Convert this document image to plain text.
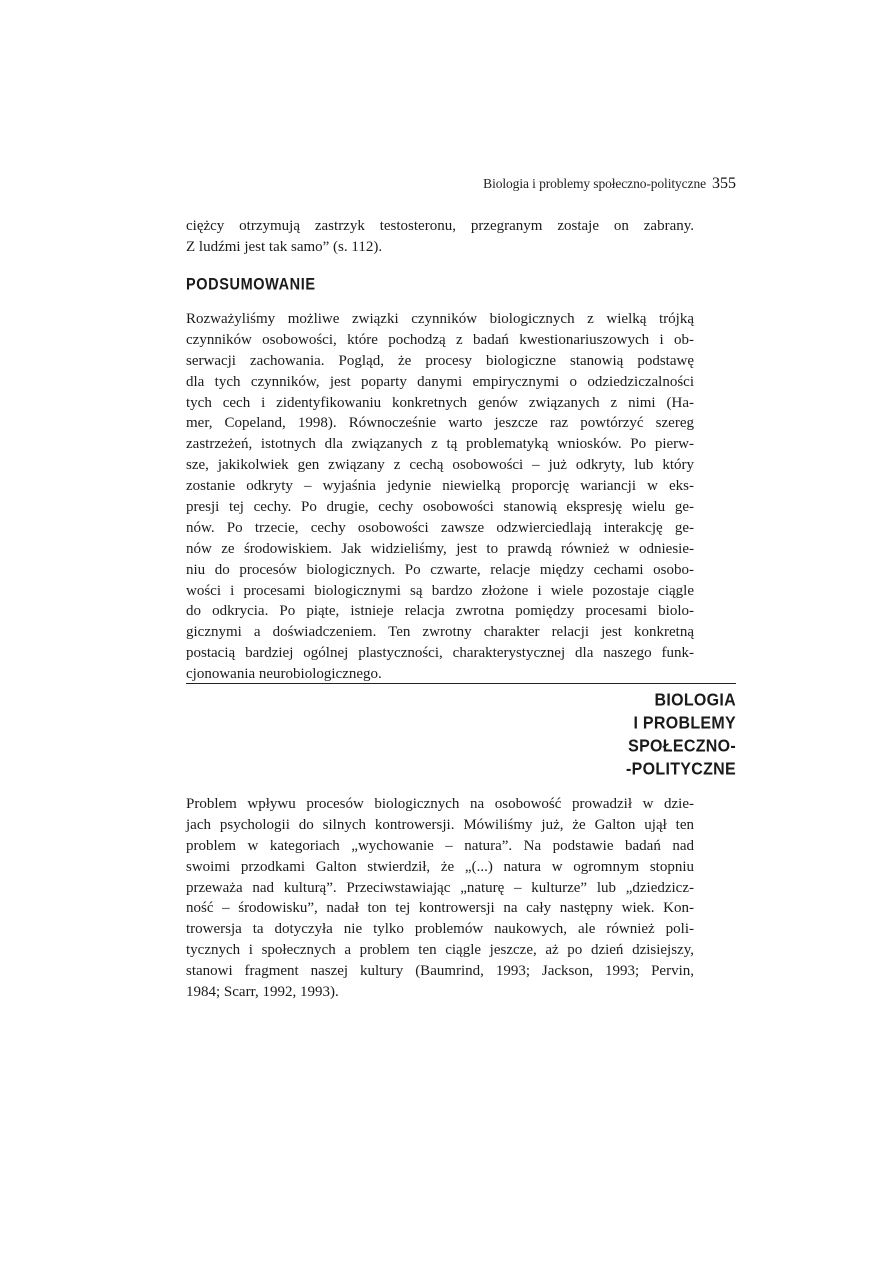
Biologia i problemy społeczno-polityczne 355
ciężcy otrzymują zastrzyk testosteronu, przegranym zostaje on zabrany.
Z ludźmi jest tak samo” (s. 112).
PODSUMOWANIE
Rozważyliśmy możliwe związki czynników biologicznych z wielką trójką
czynników osobowości, które pochodzą z badań kwestionariuszowych i ob-
serwacji zachowania. Pogląd, że procesy biologiczne stanowią podstawę
dla tych czynników, jest poparty danymi empirycznymi o odziedziczalności
tych cech i zidentyfikowaniu konkretnych genów związanych z nimi (Ha-
mer, Copeland, 1998). Równocześnie warto jeszcze raz powtórzyć szereg
zastrzeżeń, istotnych dla związanych z tą problematyką wniosków. Po pierw-
sze, jakikolwiek gen związany z cechą osobowości – już odkryty, lub który
zostanie odkryty – wyjaśnia jedynie niewielką proporcję wariancji w eks-
presji tej cechy. Po drugie, cechy osobowości stanowią ekspresję wielu ge-
nów. Po trzecie, cechy osobowości zawsze odzwierciedlają interakcję ge-
nów ze środowiskiem. Jak widzieliśmy, jest to prawdą również w odniesie-
niu do procesów biologicznych. Po czwarte, relacje między cechami osobo-
wości i procesami biologicznymi są bardzo złożone i wiele pozostaje ciągle
do odkrycia. Po piąte, istnieje relacja zwrotna pomiędzy procesami biolo-
gicznymi a doświadczeniem. Ten zwrotny charakter relacji jest konkretną
postacią bardziej ogólnej plastyczności, charakterystycznej dla naszego funk-
cjonowania neurobiologicznego.
BIOLOGIA
I PROBLEMY
SPOŁECZNO-
-POLITYCZNE
Problem wpływu procesów biologicznych na osobowość prowadził w dzie-
jach psychologii do silnych kontrowersji. Mówiliśmy już, że Galton ujął ten
problem w kategoriach „wychowanie – natura”. Na podstawie badań nad
swoimi przodkami Galton stwierdził, że „(...) natura w ogromnym stopniu
przeważa nad kulturą”. Przeciwstawiając „naturę – kulturze” lub „dziedzicz-
ność – środowisku”, nadał ton tej kontrowersji na cały następny wiek. Kon-
trowersja ta dotyczyła nie tylko problemów naukowych, ale również poli-
tycznych i społecznych a problem ten ciągle jeszcze, aż po dzień dzisiejszy,
stanowi fragment naszej kultury (Baumrind, 1993; Jackson, 1993; Pervin,
1984; Scarr, 1992, 1993).
